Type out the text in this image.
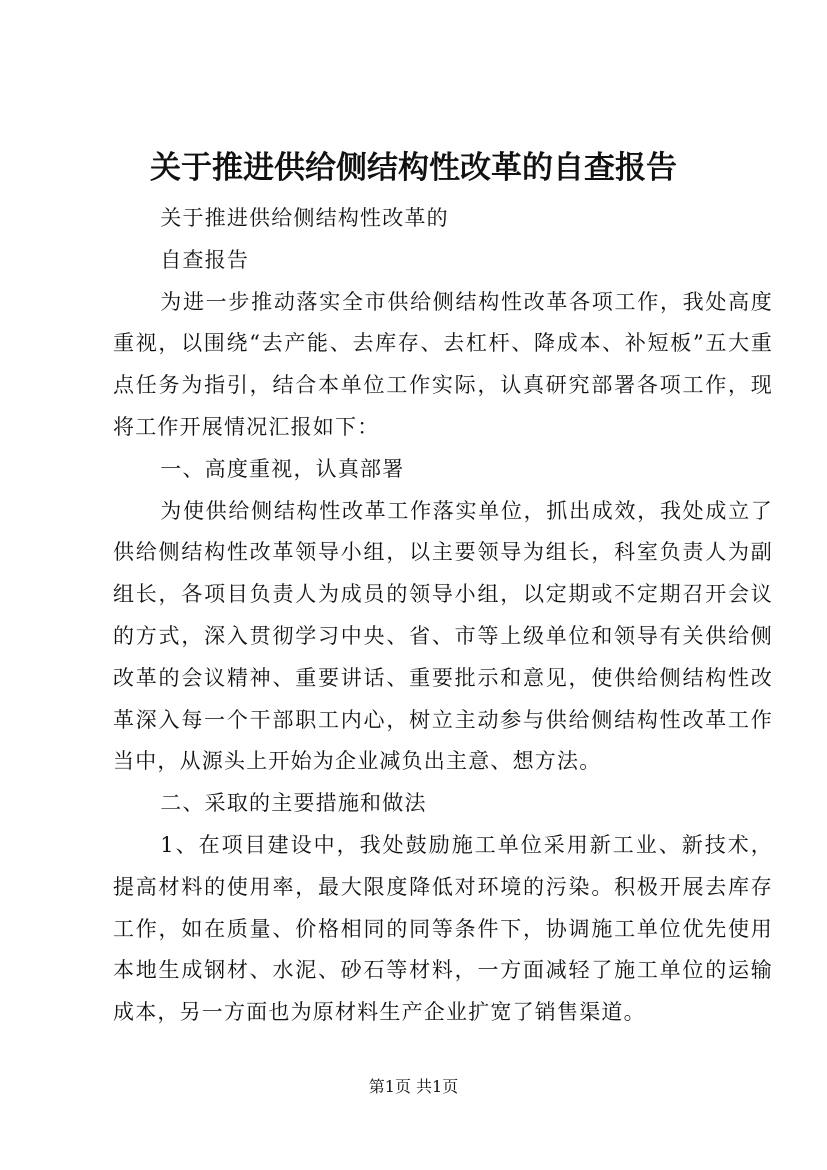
关于推进供给侧结构性改革的自查报告

关于推进供给侧结构性改革的

自查报告

为进一步推动落实全市供给侧结构性改革各项工作，我处高度重视，以围绕“去产能、去库存、去杠杆、降成本、补短板”五大重点任务为指引，结合本单位工作实际，认真研究部署各项工作，现将工作开展情况汇报如下：

一、高度重视，认真部署

为使供给侧结构性改革工作落实单位，抓出成效，我处成立了供给侧结构性改革领导小组，以主要领导为组长，科室负责人为副组长，各项目负责人为成员的领导小组，以定期或不定期召开会议的方式，深入贯彻学习中央、省、市等上级单位和领导有关供给侧改革的会议精神、重要讲话、重要批示和意见，使供给侧结构性改革深入每一个干部职工内心，树立主动参与供给侧结构性改革工作当中，从源头上开始为企业减负出主意、想方法。

二、采取的主要措施和做法

1、在项目建设中，我处鼓励施工单位采用新工业、新技术，提高材料的使用率，最大限度降低对环境的污染。积极开展去库存工作，如在质量、价格相同的同等条件下，协调施工单位优先使用本地生成钢材、水泥、砂石等材料，一方面减轻了施工单位的运输成本，另一方面也为原材料生产企业扩宽了销售渠道。

第1页 共1页
